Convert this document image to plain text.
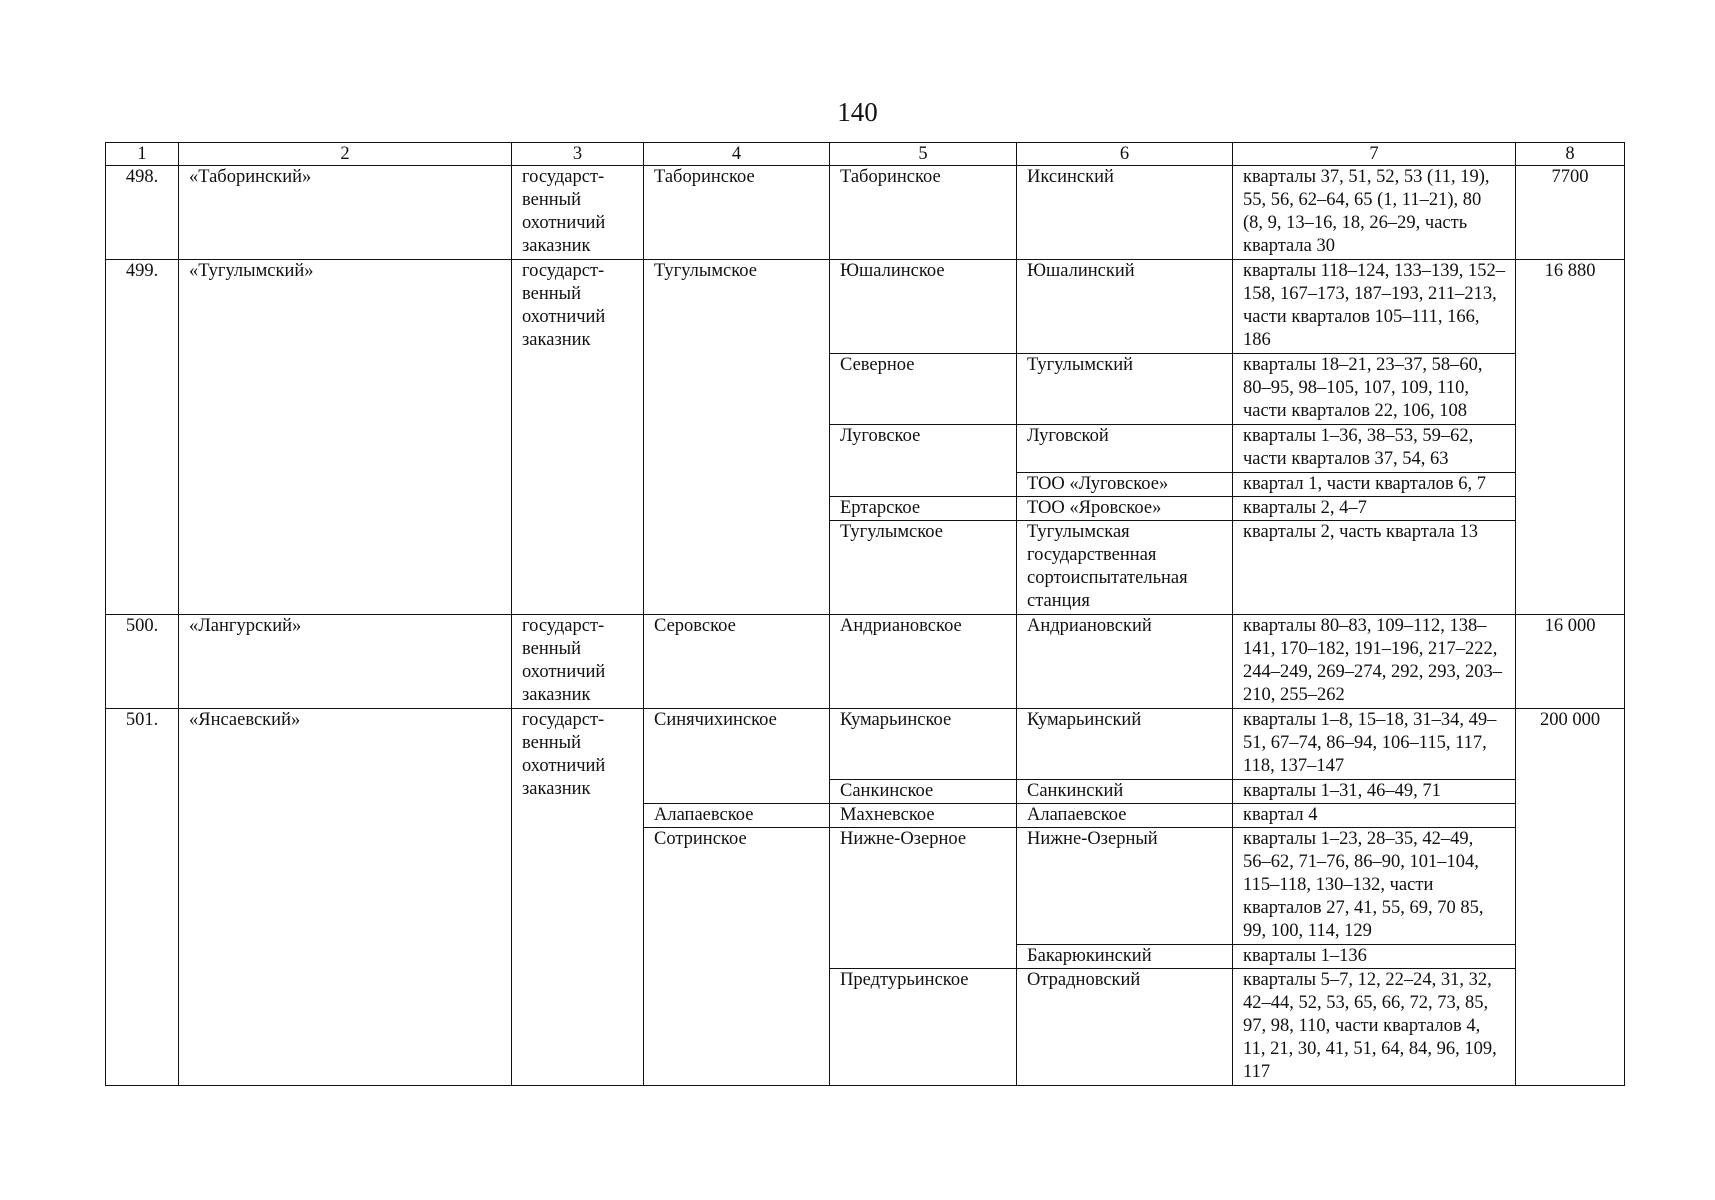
140
1	2	3	4	5	6	7	8
498.	«Таборинский»	государст-
венный
охотничий
заказник	Таборинское	Таборинское	Иксинский	кварталы 37, 51, 52, 53 (11, 19), 55, 56, 62–64, 65 (1, 11–21), 80 (8, 9, 13–16, 18, 26–29, часть квартала 30	7700
499.	«Тугулымский»	государст-
венный
охотничий
заказник	Тугулымское	Юшалинское	Юшалинский	кварталы 118–124, 133–139, 152–158, 167–173, 187–193, 211–213, части кварталов 105–111, 166, 186	16 880
				Северное	Тугулымский	кварталы 18–21, 23–37, 58–60, 80–95, 98–105, 107, 109, 110, части кварталов 22, 106, 108	
				Луговское	Луговской	кварталы 1–36, 38–53, 59–62, части кварталов 37, 54, 63	
					ТОО «Луговское»	квартал 1, части кварталов 6, 7	
				Ертарское	ТОО «Яровское»	кварталы 2, 4–7	
				Тугулымское	Тугулымская государственная сортоиспытательная станция	кварталы 2, часть квартала 13	
500.	«Лангурский»	государст-
венный
охотничий
заказник	Серовское	Андриановское	Андриановский	кварталы 80–83, 109–112, 138–141, 170–182, 191–196, 217–222, 244–249, 269–274, 292, 293, 203–210, 255–262	16 000
501.	«Янсаевский»	государст-
венный
охотничий
заказник	Синячихинское	Кумарьинское	Кумарьинский	кварталы 1–8, 15–18, 31–34, 49–51, 67–74, 86–94, 106–115, 117, 118, 137–147	200 000
				Санкинское	Санкинский	кварталы 1–31, 46–49, 71	
			Алапаевское	Махневское	Алапаевское	квартал 4	
			Сотринское	Нижне-Озерное	Нижне-Озерный	кварталы 1–23, 28–35, 42–49, 56–62, 71–76, 86–90, 101–104, 115–118, 130–132, части кварталов 27, 41, 55, 69, 70 85, 99, 100, 114, 129	
					Бакарюкинский	кварталы 1–136	
				Предтурьинское	Отрадновский	кварталы 5–7, 12, 22–24, 31, 32, 42–44, 52, 53, 65, 66, 72, 73, 85, 97, 98, 110, части кварталов 4, 11, 21, 30, 41, 51, 64, 84, 96, 109, 117	
